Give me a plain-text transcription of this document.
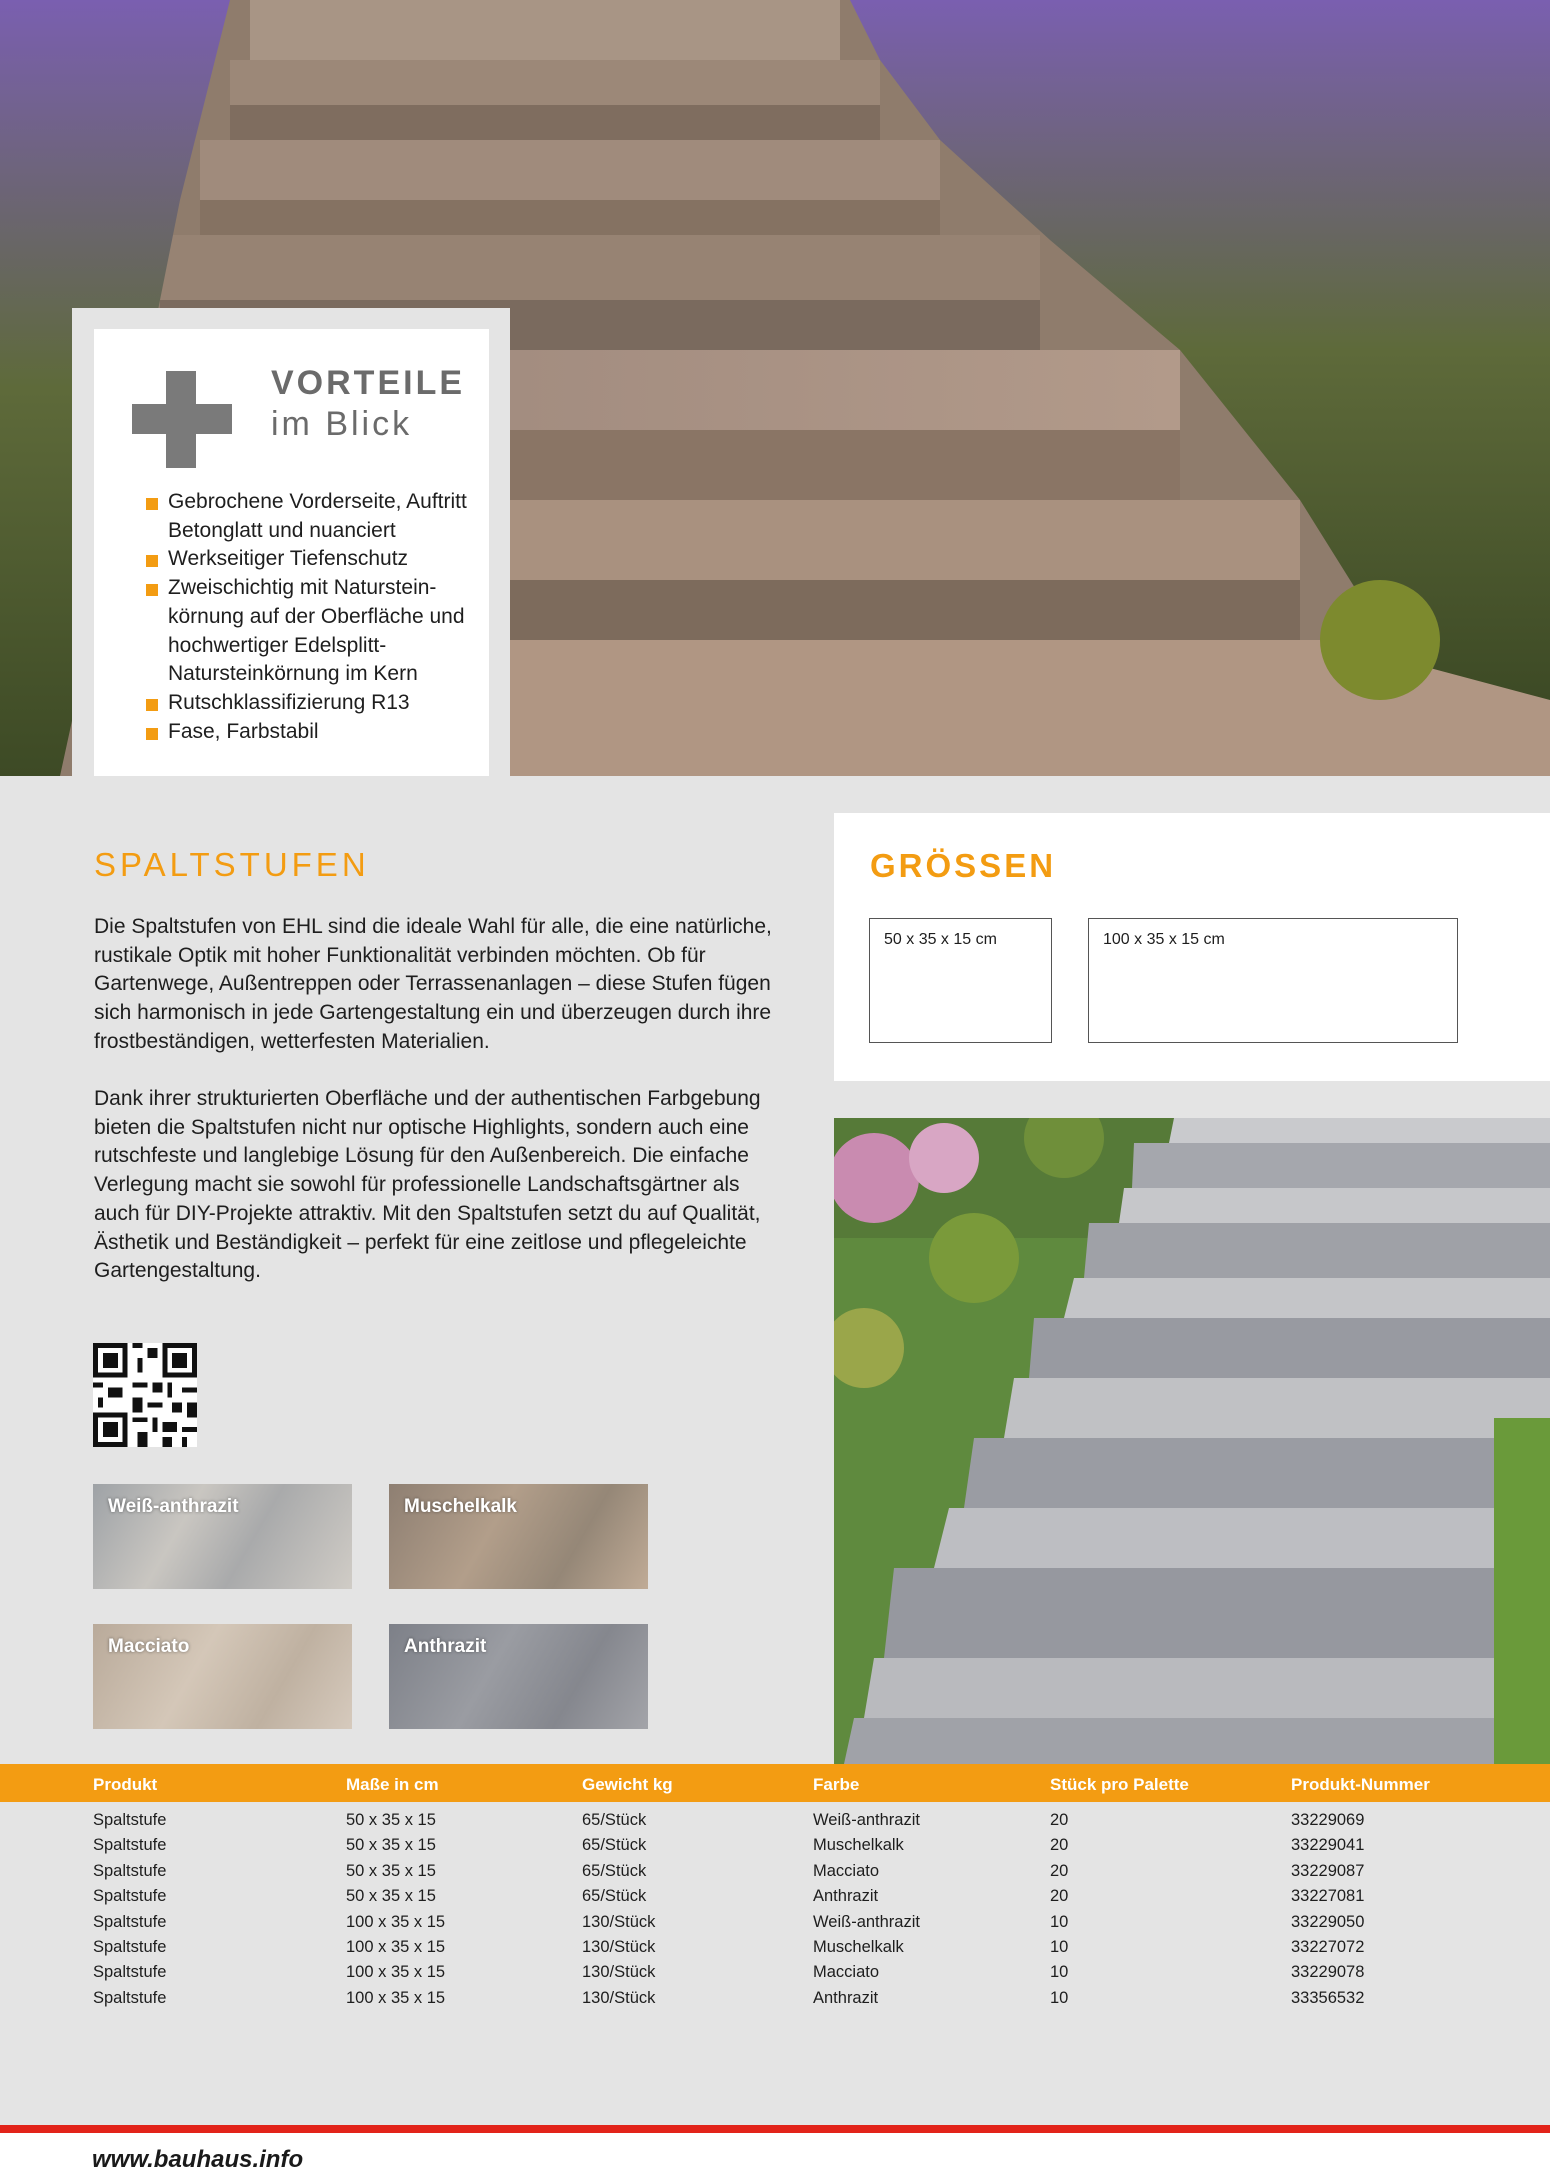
VORTEILE
im Blick
Gebrochene Vorderseite, Auftritt Betonglatt und nuanciert
Werkseitiger Tiefenschutz
Zweischichtig mit Natursteinkörnung auf der Oberfläche und hochwertiger Edelsplitt-Natursteinkörnung im Kern
Rutschklassifizierung R13
Fase, Farbstabil
SPALTSTUFEN

Die Spaltstufen von EHL sind die ideale Wahl für alle, die eine natürliche, rustikale Optik mit hoher Funktionalität verbinden möchten. Ob für Gartenwege, Außentreppen oder Terrassenanlagen – diese Stufen fügen sich harmonisch in jede Gartengestaltung ein und überzeugen durch ihre frostbeständigen, wetterfesten Materialien.

Dank ihrer strukturierten Oberfläche und der authentischen Farbgebung bieten die Spaltstufen nicht nur optische Highlights, sondern auch eine rutschfeste und langlebige Lösung für den Außenbereich. Die einfache Verlegung macht sie sowohl für professionelle Landschaftsgärtner als auch für DIY-Projekte attraktiv. Mit den Spaltstufen setzt du auf Qualität, Ästhetik und Beständigkeit – perfekt für eine zeitlose und pflegeleichte Gartengestaltung.

Weiß-anthrazit	Muschelkalk
Macciato	Anthrazit
GRÖSSEN
50 x 35 x 15 cm	100 x 35 x 15 cm
Produkt	Maße in cm	Gewicht kg	Farbe	Stück pro Palette	Produkt-Nummer
Spaltstufe	50 x 35 x 15	65/Stück	Weiß-anthrazit	20	33229069
Spaltstufe	50 x 35 x 15	65/Stück	Muschelkalk	20	33229041
Spaltstufe	50 x 35 x 15	65/Stück	Macciato	20	33229087
Spaltstufe	50 x 35 x 15	65/Stück	Anthrazit	20	33227081
Spaltstufe	100 x 35 x 15	130/Stück	Weiß-anthrazit	10	33229050
Spaltstufe	100 x 35 x 15	130/Stück	Muschelkalk	10	33227072
Spaltstufe	100 x 35 x 15	130/Stück	Macciato	10	33229078
Spaltstufe	100 x 35 x 15	130/Stück	Anthrazit	10	33356532
www.bauhaus.info
